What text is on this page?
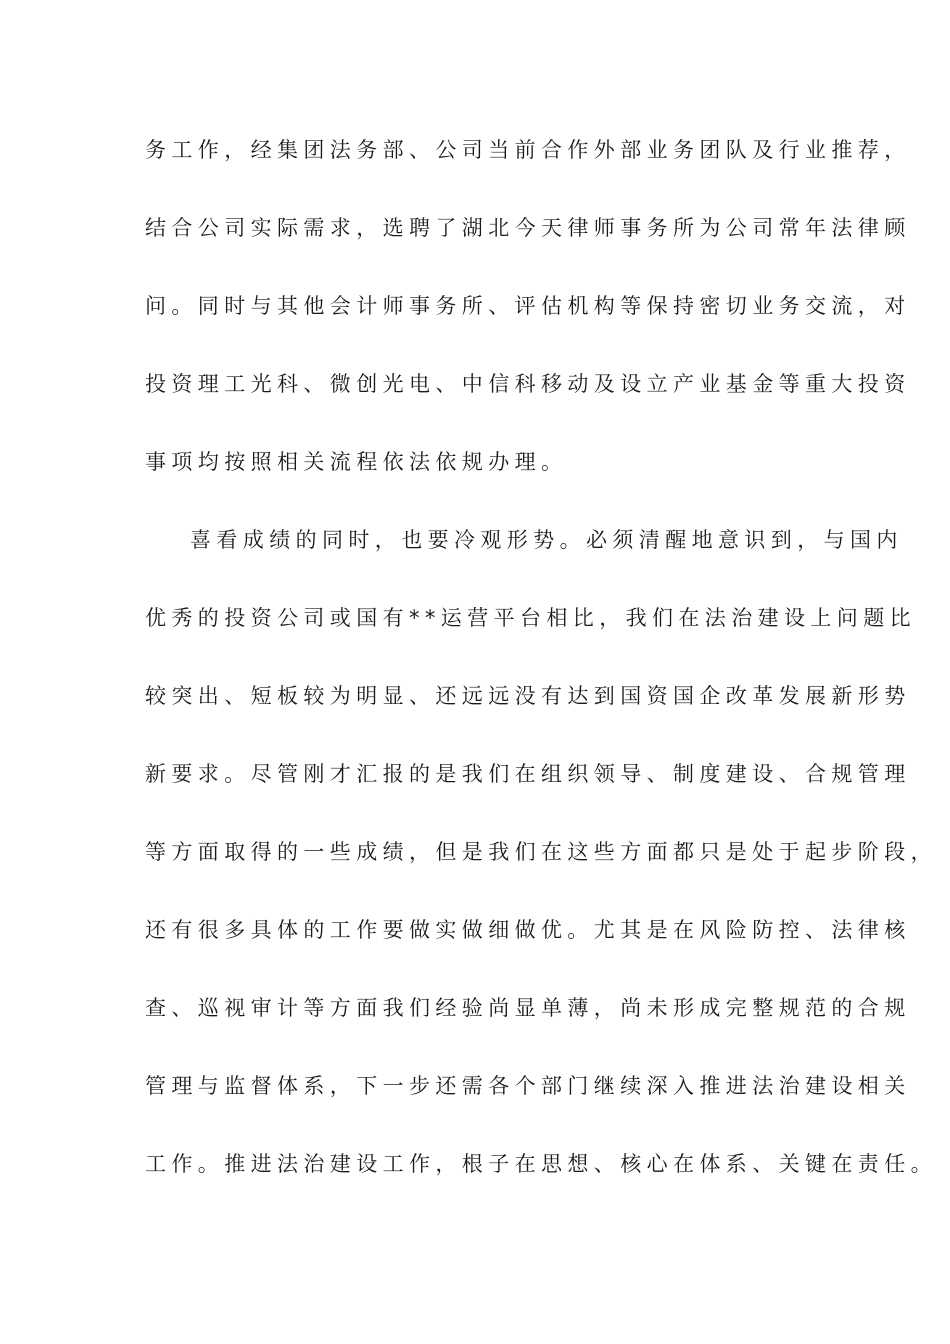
务工作，经集团法务部、公司当前合作外部业务团队及行业推荐，
结合公司实际需求，选聘了湖北今天律师事务所为公司常年法律顾
问。同时与其他会计师事务所、评估机构等保持密切业务交流，对
投资理工光科、微创光电、中信科移动及设立产业基金等重大投资
事项均按照相关流程依法依规办理。
喜看成绩的同时，也要冷观形势。必须清醒地意识到，与国内
优秀的投资公司或国有**运营平台相比，我们在法治建设上问题比
较突出、短板较为明显、还远远没有达到国资国企改革发展新形势
新要求。尽管刚才汇报的是我们在组织领导、制度建设、合规管理
等方面取得的一些成绩，但是我们在这些方面都只是处于起步阶段，
还有很多具体的工作要做实做细做优。尤其是在风险防控、法律核
查、巡视审计等方面我们经验尚显单薄，尚未形成完整规范的合规
管理与监督体系，下一步还需各个部门继续深入推进法治建设相关
工作。推进法治建设工作，根子在思想、核心在体系、关键在责任。
